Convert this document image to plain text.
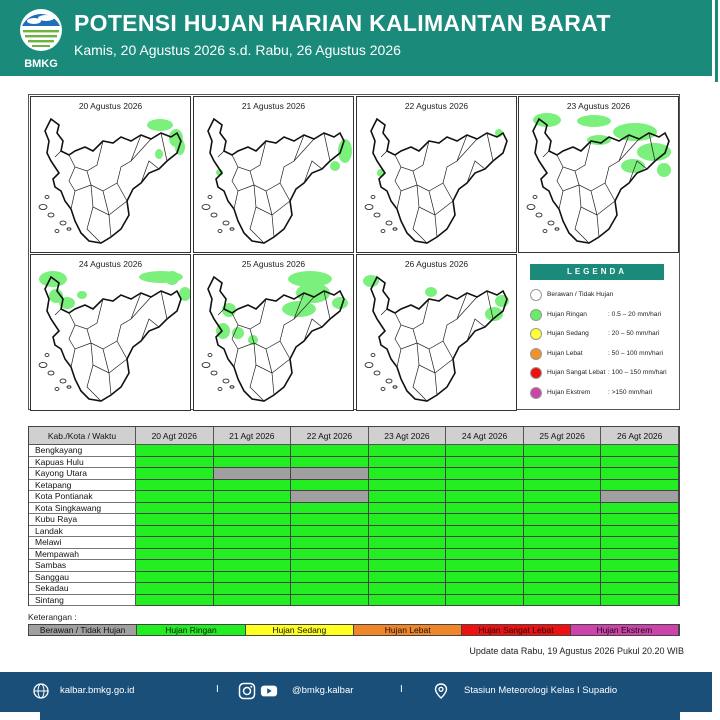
BMKG
POTENSI HUJAN HARIAN KALIMANTAN BARAT
Kamis, 20 Agustus 2026 s.d. Rabu, 26 Agustus 2026
20 Agustus 2026	21 Agustus 2026	22 Agustus 2026	23 Agustus 2026
24 Agustus 2026	25 Agustus 2026	26 Agustus 2026
LEGENDA
Berawan / Tidak Hujan
Hujan Ringan	: 0.5 – 20 mm/hari
Hujan Sedang	: 20 – 50 mm/hari
Hujan Lebat	: 50 – 100 mm/hari
Hujan Sangat Lebat : 100 – 150 mm/hari
Hujan Ekstrem	: >150 mm/hari
Kab./Kota / Waktu	20 Agt 2026	21 Agt 2026	22 Agt 2026	23 Agt 2026	24 Agt 2026	25 Agt 2026	26 Agt 2026
Bengkayang
Kapuas Hulu
Kayong Utara
Ketapang
Kota Pontianak
Kota Singkawang
Kubu Raya
Landak
Melawi
Mempawah
Sambas
Sanggau
Sekadau
Sintang
Keterangan :
Berawan / Tidak Hujan	Hujan Ringan	Hujan Sedang	Hujan Lebat	Hujan Sangat Lebat	Hujan Ekstrem
Update data Rabu, 19 Agustus 2026 Pukul 20.20 WIB
kalbar.bmkg.go.id	I	@bmkg.kalbar	I	Stasiun Meteorologi Kelas I Supadio
